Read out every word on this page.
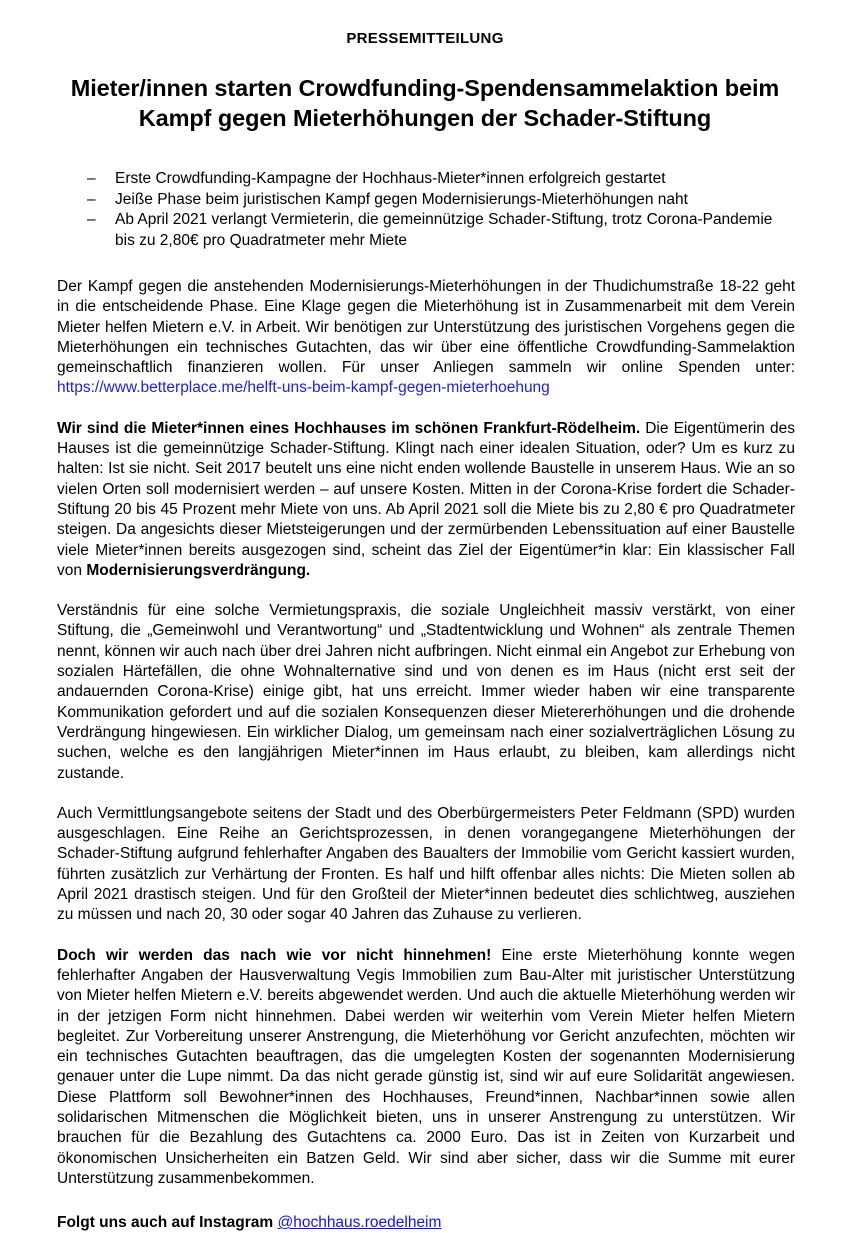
PRESSEMITTEILUNG
Mieter/innen starten Crowdfunding-Spendensammelaktion beim
Kampf gegen Mieterhöhungen der Schader-Stiftung
– Erste Crowdfunding-Kampagne der Hochhaus-Mieter*innen erfolgreich gestartet
– Jeiße Phase beim juristischen Kampf gegen Modernisierungs-Mieterhöhungen naht
– Ab April 2021 verlangt Vermieterin, die gemeinnützige Schader-Stiftung, trotz Corona-Pandemie bis zu 2,80€ pro Quadratmeter mehr Miete

Der Kampf gegen die anstehenden Modernisierungs-Mieterhöhungen in der Thudichumstraße 18-22 geht in die entscheidende Phase. Eine Klage gegen die Mieterhöhung ist in Zusammenarbeit mit dem Verein Mieter helfen Mietern e.V. in Arbeit. Wir benötigen zur Unterstützung des juristischen Vorgehens gegen die Mieterhöhungen ein technisches Gutachten, das wir über eine öffentliche Crowdfunding-Sammelaktion gemeinschaftlich finanzieren wollen. Für unser Anliegen sammeln wir online Spenden unter: https://www.betterplace.me/helft-uns-beim-kampf-gegen-mieterhoehung

Wir sind die Mieter*innen eines Hochhauses im schönen Frankfurt-Rödelheim. Die Eigentümerin des Hauses ist die gemeinnützige Schader-Stiftung. Klingt nach einer idealen Situation, oder? Um es kurz zu halten: Ist sie nicht. Seit 2017 beutelt uns eine nicht enden wollende Baustelle in unserem Haus. Wie an so vielen Orten soll modernisiert werden – auf unsere Kosten. Mitten in der Corona-Krise fordert die Schader-Stiftung 20 bis 45 Prozent mehr Miete von uns. Ab April 2021 soll die Miete bis zu 2,80 € pro Quadratmeter steigen. Da angesichts dieser Mietsteigerungen und der zermürbenden Lebenssituation auf einer Baustelle viele Mieter*innen bereits ausgezogen sind, scheint das Ziel der Eigentümer*in klar: Ein klassischer Fall von Modernisierungsverdrängung.

Verständnis für eine solche Vermietungspraxis, die soziale Ungleichheit massiv verstärkt, von einer Stiftung, die „Gemeinwohl und Verantwortung“ und „Stadtentwicklung und Wohnen“ als zentrale Themen nennt, können wir auch nach über drei Jahren nicht aufbringen. Nicht einmal ein Angebot zur Erhebung von sozialen Härtefällen, die ohne Wohnalternative sind und von denen es im Haus (nicht erst seit der andauernden Corona-Krise) einige gibt, hat uns erreicht. Immer wieder haben wir eine transparente Kommunikation gefordert und auf die sozialen Konsequenzen dieser Mietererhöhungen und die drohende Verdrängung hingewiesen. Ein wirklicher Dialog, um gemeinsam nach einer sozialverträglichen Lösung zu suchen, welche es den langjährigen Mieter*innen im Haus erlaubt, zu bleiben, kam allerdings nicht zustande.

Auch Vermittlungsangebote seitens der Stadt und des Oberbürgermeisters Peter Feldmann (SPD) wurden ausgeschlagen. Eine Reihe an Gerichtsprozessen, in denen vorangegangene Mieterhöhungen der Schader-Stiftung aufgrund fehlerhafter Angaben des Baualters der Immobilie vom Gericht kassiert wurden, führten zusätzlich zur Verhärtung der Fronten. Es half und hilft offenbar alles nichts: Die Mieten sollen ab April 2021 drastisch steigen. Und für den Großteil der Mieter*innen bedeutet dies schlichtweg, ausziehen zu müssen und nach 20, 30 oder sogar 40 Jahren das Zuhause zu verlieren.

Doch wir werden das nach wie vor nicht hinnehmen! Eine erste Mieterhöhung konnte wegen fehlerhafter Angaben der Hausverwaltung Vegis Immobilien zum Bau-Alter mit juristischer Unterstützung von Mieter helfen Mietern e.V. bereits abgewendet werden. Und auch die aktuelle Mieterhöhung werden wir in der jetzigen Form nicht hinnehmen. Dabei werden wir weiterhin vom Verein Mieter helfen Mietern begleitet. Zur Vorbereitung unserer Anstrengung, die Mieterhöhung vor Gericht anzufechten, möchten wir ein technisches Gutachten beauftragen, das die umgelegten Kosten der sogenannten Modernisierung genauer unter die Lupe nimmt. Da das nicht gerade günstig ist, sind wir auf eure Solidarität angewiesen. Diese Plattform soll Bewohner*innen des Hochhauses, Freund*innen, Nachbar*innen sowie allen solidarischen Mitmenschen die Möglichkeit bieten, uns in unserer Anstrengung zu unterstützen. Wir brauchen für die Bezahlung des Gutachtens ca. 2000 Euro. Das ist in Zeiten von Kurzarbeit und ökonomischen Unsicherheiten ein Batzen Geld. Wir sind aber sicher, dass wir die Summe mit eurer Unterstützung zusammenbekommen.

Folgt uns auch auf Instagram @hochhaus.roedelheim
